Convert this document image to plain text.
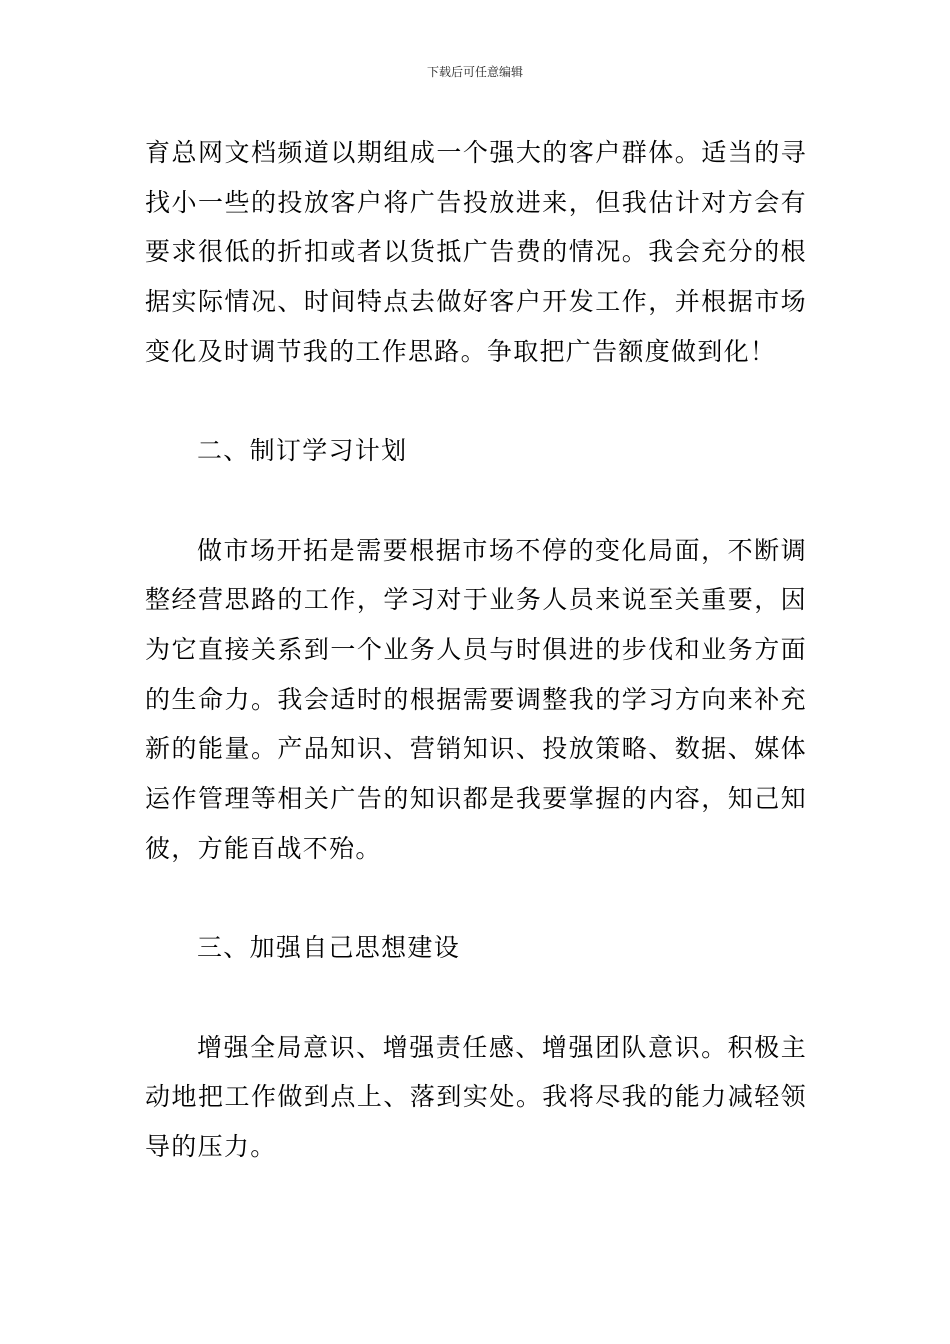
下载后可任意编辑

育总网文档频道以期组成一个强大的客户群体。适当的寻找小一些的投放客户将广告投放进来，但我估计对方会有要求很低的折扣或者以货抵广告费的情况。我会充分的根据实际情况、时间特点去做好客户开发工作，并根据市场变化及时调节我的工作思路。争取把广告额度做到化！

二、制订学习计划

做市场开拓是需要根据市场不停的变化局面，不断调整经营思路的工作，学习对于业务人员来说至关重要，因为它直接关系到一个业务人员与时俱进的步伐和业务方面的生命力。我会适时的根据需要调整我的学习方向来补充新的能量。产品知识、营销知识、投放策略、数据、媒体运作管理等相关广告的知识都是我要掌握的内容，知己知彼，方能百战不殆。

三、加强自己思想建设

增强全局意识、增强责任感、增强团队意识。积极主动地把工作做到点上、落到实处。我将尽我的能力减轻领导的压力。
